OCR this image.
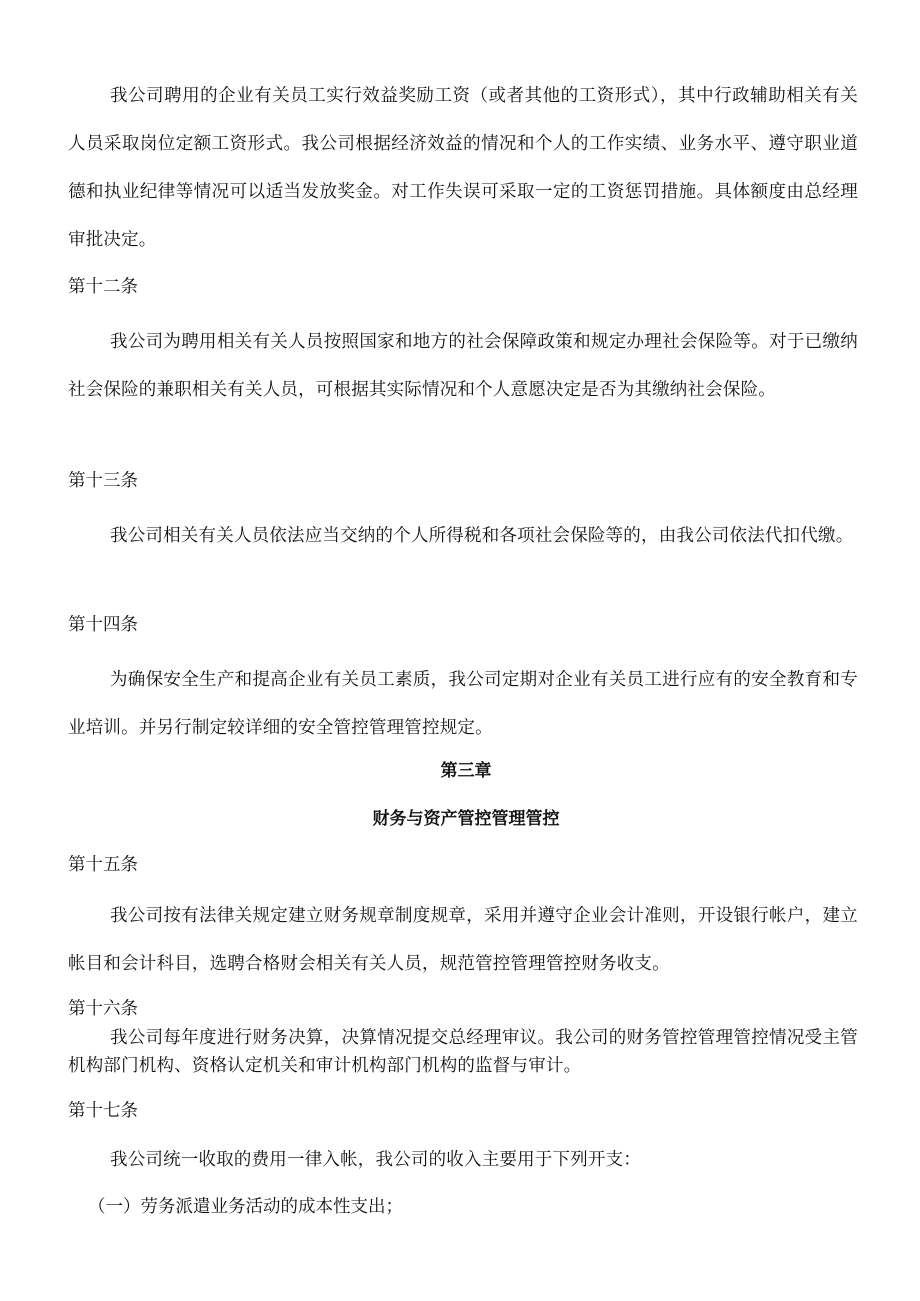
我公司聘用的企业有关员工实行效益奖励工资（或者其他的工资形式），其中行政辅助相关有关人员采取岗位定额工资形式。我公司根据经济效益的情况和个人的工作实绩、业务水平、遵守职业道德和执业纪律等情况可以适当发放奖金。对工作失误可采取一定的工资惩罚措施。具体额度由总经理审批决定。
第十二条
我公司为聘用相关有关人员按照国家和地方的社会保障政策和规定办理社会保险等。对于已缴纳社会保险的兼职相关有关人员，可根据其实际情况和个人意愿决定是否为其缴纳社会保险。
第十三条
我公司相关有关人员依法应当交纳的个人所得税和各项社会保险等的，由我公司依法代扣代缴。
第十四条
为确保安全生产和提高企业有关员工素质，我公司定期对企业有关员工进行应有的安全教育和专业培训。并另行制定较详细的安全管控管理管控规定。
第三章
财务与资产管控管理管控
第十五条
我公司按有法律关规定建立财务规章制度规章，采用并遵守企业会计准则，开设银行帐户，建立帐目和会计科目，选聘合格财会相关有关人员，规范管控管理管控财务收支。
第十六条
我公司每年度进行财务决算，决算情况提交总经理审议。我公司的财务管控管理管控情况受主管机构部门机构、资格认定机关和审计机构部门机构的监督与审计。
第十七条
我公司统一收取的费用一律入帐，我公司的收入主要用于下列开支：
（一）劳务派遣业务活动的成本性支出；
